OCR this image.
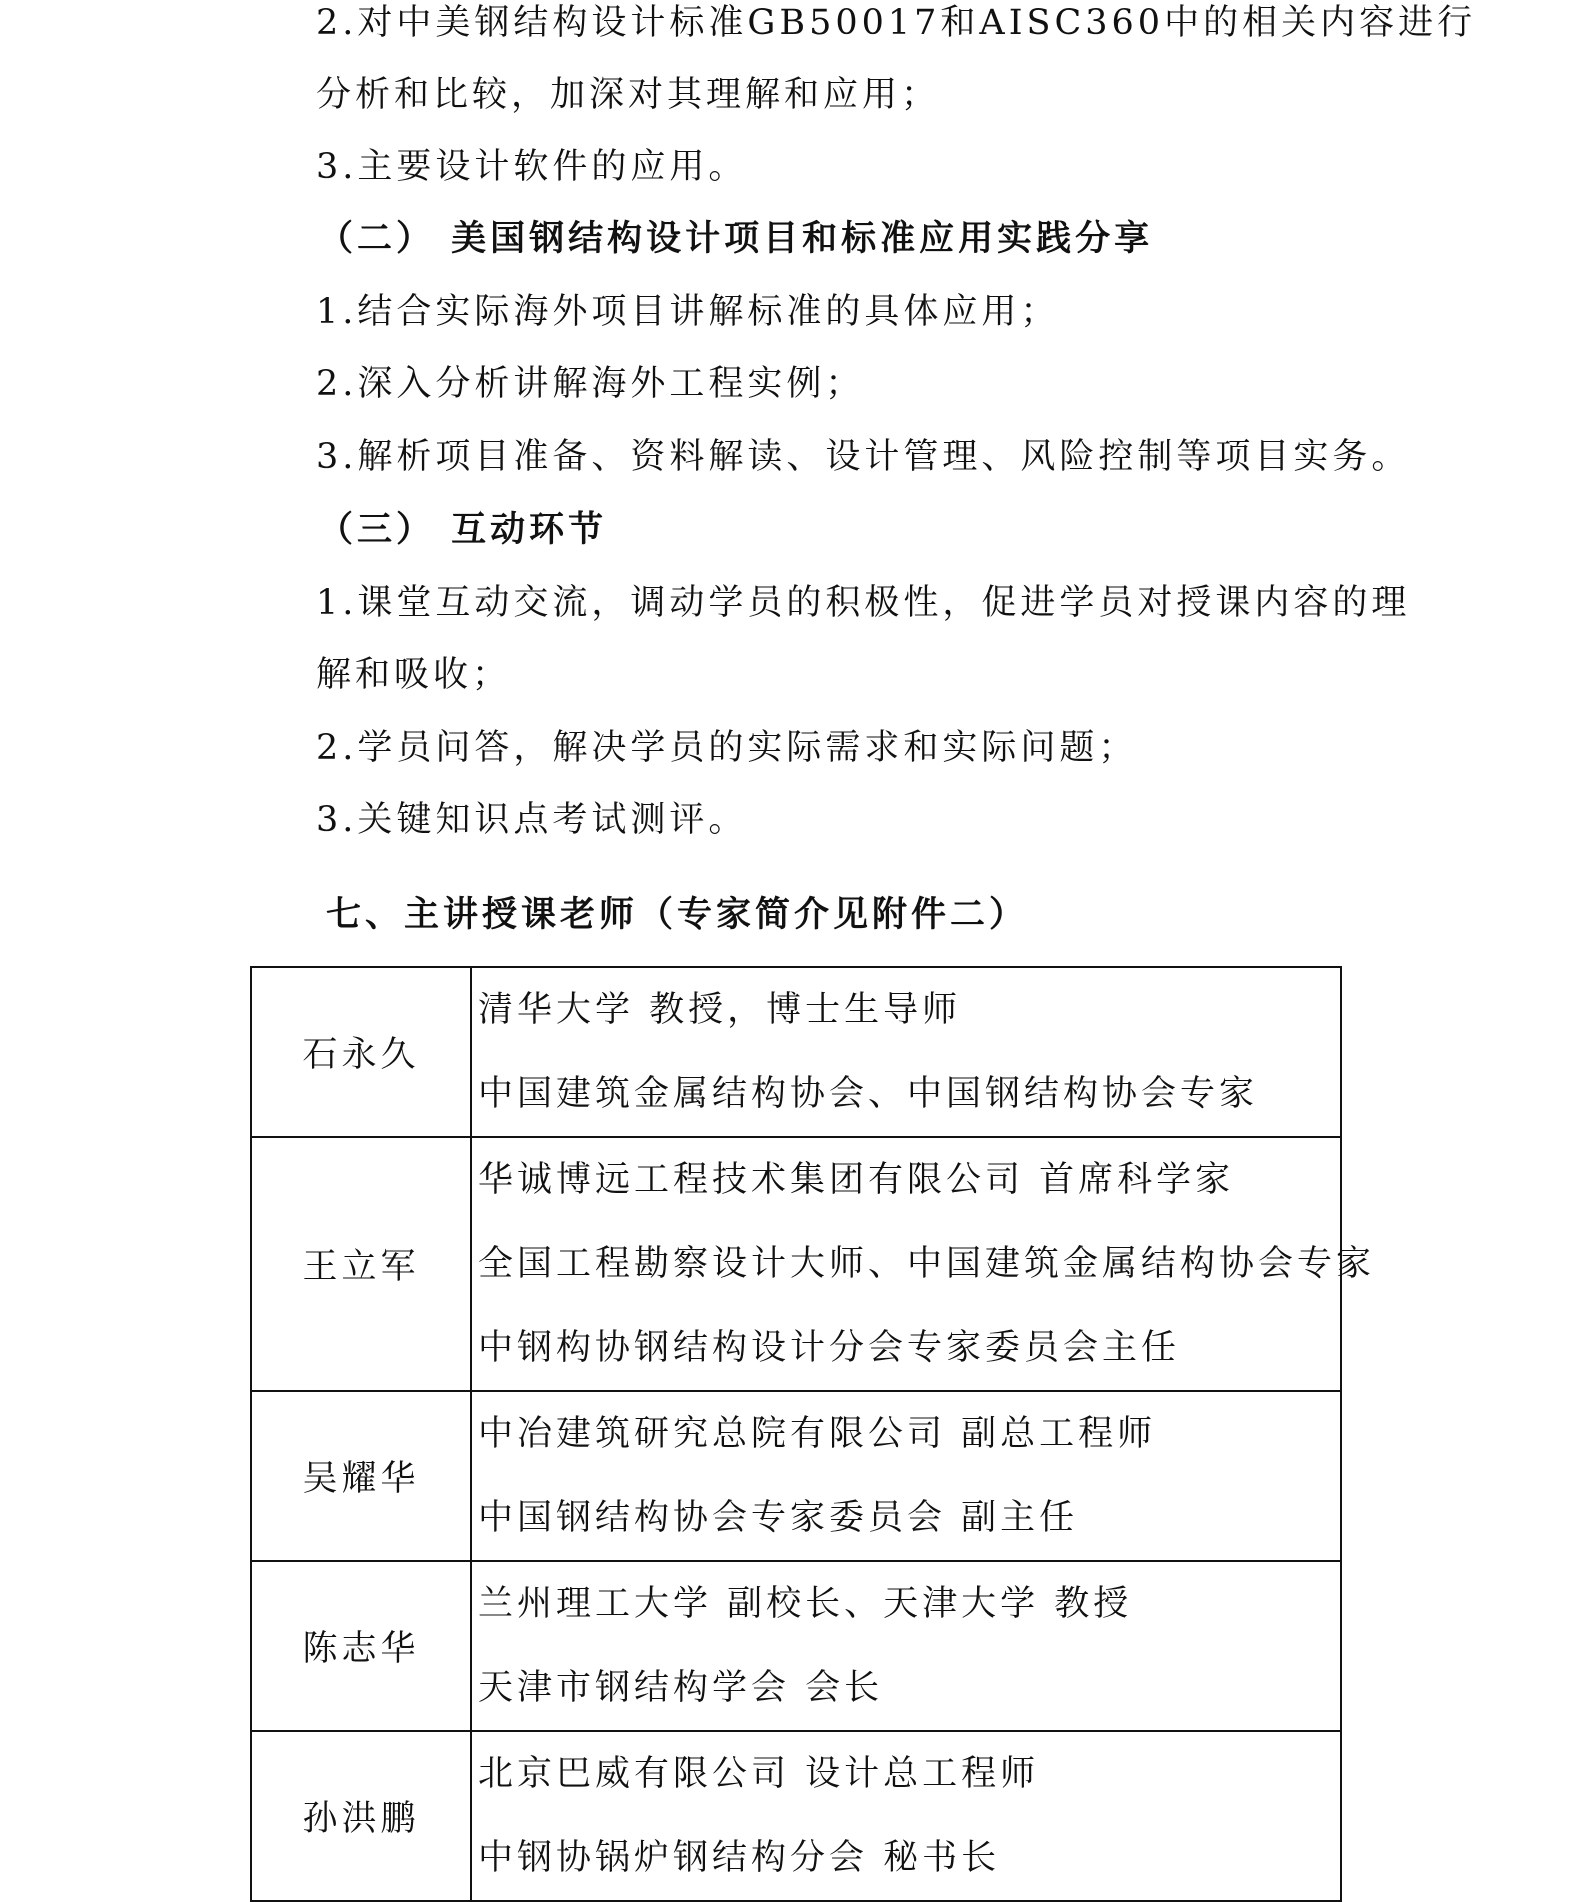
2.对中美钢结构设计标准GB50017和AISC360中的相关内容进行
分析和比较，加深对其理解和应用；
3.主要设计软件的应用。
（二） 美国钢结构设计项目和标准应用实践分享
1.结合实际海外项目讲解标准的具体应用；
2.深入分析讲解海外工程实例；
3.解析项目准备、资料解读、设计管理、风险控制等项目实务。
（三） 互动环节
1.课堂互动交流，调动学员的积极性，促进学员对授课内容的理
解和吸收；
2.学员问答，解决学员的实际需求和实际问题；
3.关键知识点考试测评。
七、主讲授课老师（专家简介见附件二）
石永久	清华大学 教授，博士生导师
中国建筑金属结构协会、中国钢结构协会专家

王立军	华诚博远工程技术集团有限公司 首席科学家
全国工程勘察设计大师、中国建筑金属结构协会专家
中钢构协钢结构设计分会专家委员会主任

吴耀华	中冶建筑研究总院有限公司 副总工程师
中国钢结构协会专家委员会 副主任

陈志华	兰州理工大学 副校长、天津大学 教授
天津市钢结构学会 会长

孙洪鹏	北京巴威有限公司 设计总工程师
中钢协锅炉钢结构分会 秘书长
